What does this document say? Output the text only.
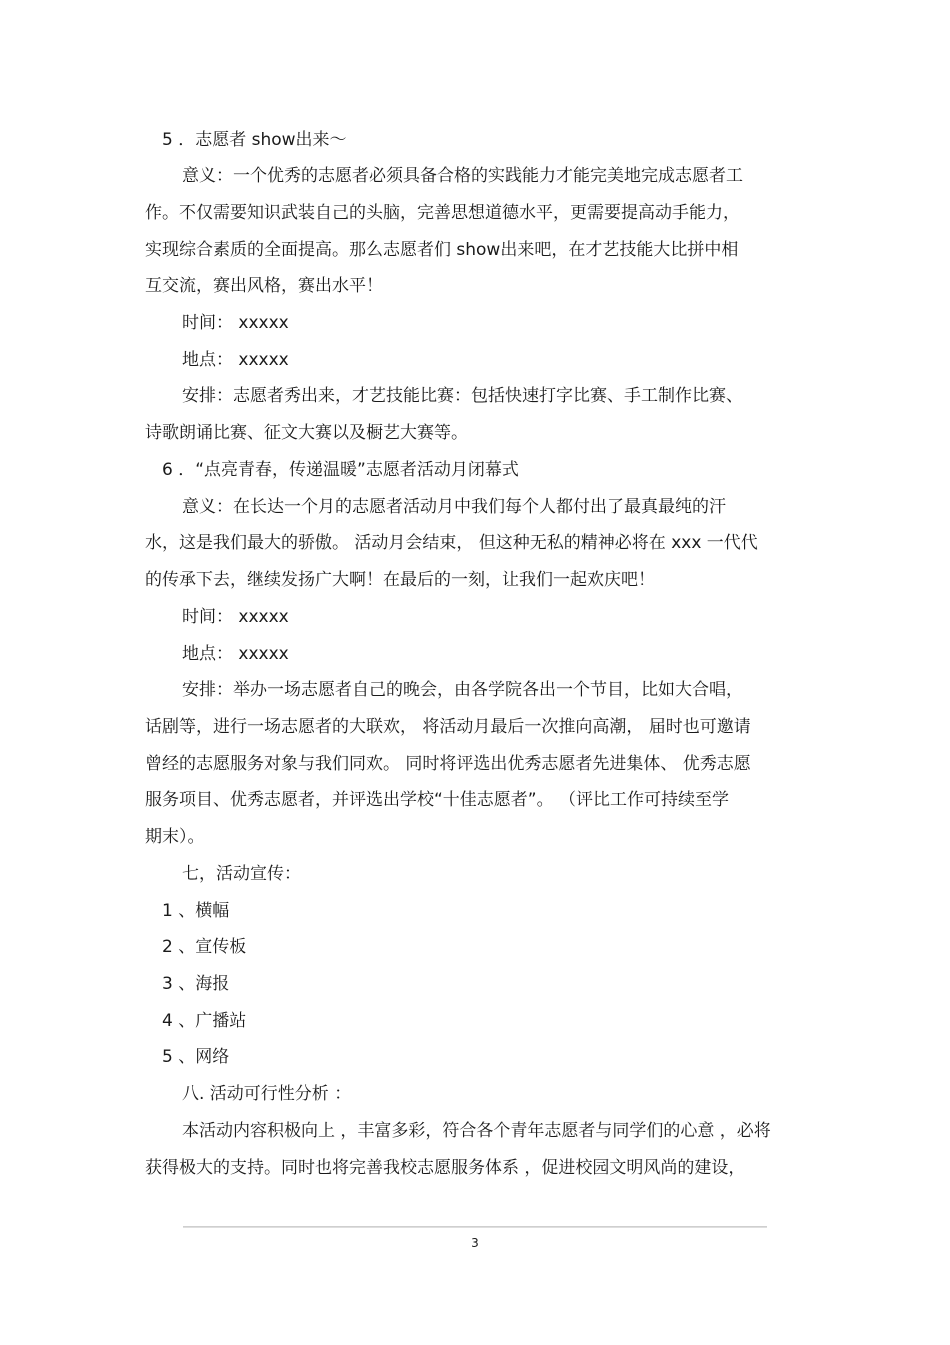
5 ．志愿者 show出来～

意义：一个优秀的志愿者必须具备合格的实践能力才能完美地完成志愿者工

作。不仅需要知识武装自己的头脑，完善思想道德水平，更需要提高动手能力，

实现综合素质的全面提高。那么志愿者们 show出来吧，在才艺技能大比拼中相

互交流，赛出风格，赛出水平！

时间： xxxxx

地点： xxxxx

安排：志愿者秀出来，才艺技能比赛：包括快速打字比赛、手工制作比赛、

诗歌朗诵比赛、征文大赛以及橱艺大赛等。

6 ．“点亮青春，传递温暖”志愿者活动月闭幕式

意义：在长达一个月的志愿者活动月中我们每个人都付出了最真最纯的汗

水，这是我们最大的骄傲。 活动月会结束， 但这种无私的精神必将在 xxx 一代代

的传承下去，继续发扬广大啊！在最后的一刻，让我们一起欢庆吧！

时间： xxxxx

地点： xxxxx

安排：举办一场志愿者自己的晚会，由各学院各出一个节目，比如大合唱，

话剧等，进行一场志愿者的大联欢， 将活动月最后一次推向高潮， 届时也可邀请

曾经的志愿服务对象与我们同欢。 同时将评选出优秀志愿者先进集体、 优秀志愿

服务项目、优秀志愿者，并评选出学校“十佳志愿者”。 （评比工作可持续至学

期末）。

七，活动宣传：

1 、横幅

2 、宣传板

3 、海报

4 、广播站

5 、网络

八. 活动可行性分析 ：

本活动内容积极向上 ，丰富多彩，符合各个青年志愿者与同学们的心意 ，必将

获得极大的支持。同时也将完善我校志愿服务体系 ，促进校园文明风尚的建设，

3
